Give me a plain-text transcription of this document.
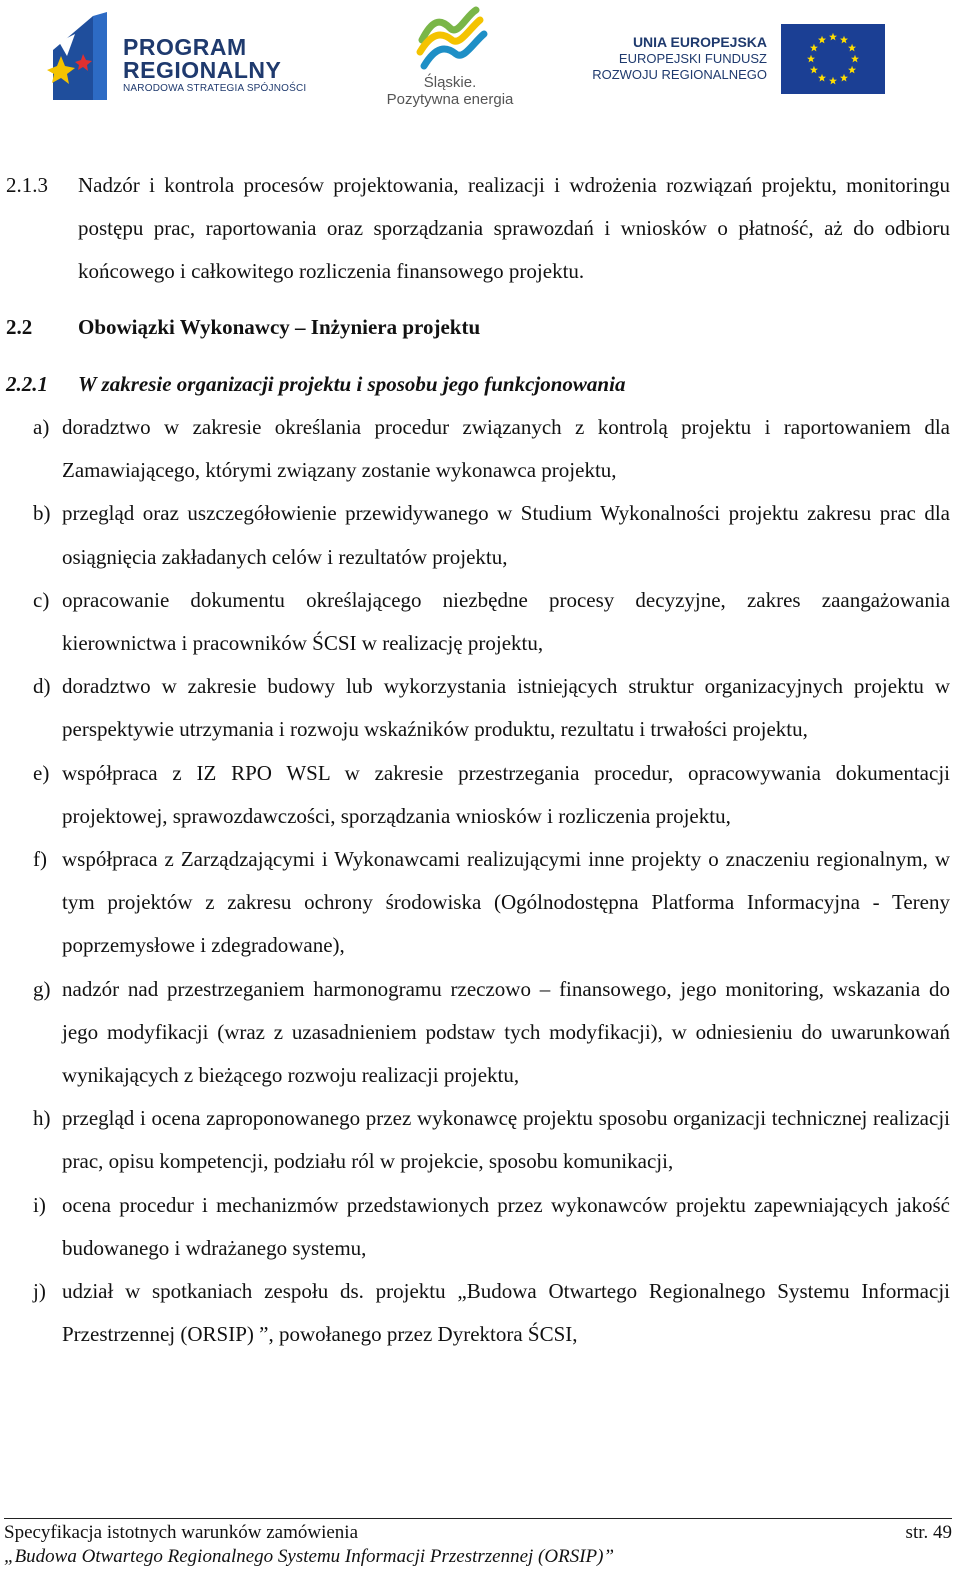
PROGRAM
REGIONALNY
NARODOWA STRATEGIA SPÓJNOŚCI	Śląskie.
Pozytywna energia
UNIA EUROPEJSKA
EUROPEJSKI FUNDUSZ
ROZWOJU REGIONALNEGO
2.1.3 Nadzór i kontrola procesów projektowania, realizacji i wdrożenia rozwiązań projektu, monitoringu postępu prac, raportowania oraz sporządzania sprawozdań i wniosków o płatność, aż do odbioru końcowego i całkowitego rozliczenia finansowego projektu.
2.2 Obowiązki Wykonawcy – Inżyniera projektu
2.2.1 W zakresie organizacji projektu i sposobu jego funkcjonowania
a) doradztwo w zakresie określania procedur związanych z kontrolą projektu i raportowaniem dla Zamawiającego, którymi związany zostanie wykonawca projektu,
b) przegląd oraz uszczegółowienie przewidywanego w Studium Wykonalności projektu zakresu prac dla osiągnięcia zakładanych celów i rezultatów projektu,
c) opracowanie dokumentu określającego niezbędne procesy decyzyjne, zakres zaangażowania kierownictwa i pracowników ŚCSI w realizację projektu,
d) doradztwo w zakresie budowy lub wykorzystania istniejących struktur organizacyjnych projektu w perspektywie utrzymania i rozwoju wskaźników produktu, rezultatu i trwałości projektu,
e) współpraca z IZ RPO WSL w zakresie przestrzegania procedur, opracowywania dokumentacji projektowej, sprawozdawczości, sporządzania wniosków i rozliczenia projektu,
f) współpraca z Zarządzającymi i Wykonawcami realizującymi inne projekty o znaczeniu regionalnym, w tym projektów z zakresu ochrony środowiska (Ogólnodostępna Platforma Informacyjna - Tereny poprzemysłowe i zdegradowane),
g) nadzór nad przestrzeganiem harmonogramu rzeczowo – finansowego, jego monitoring, wskazania do jego modyfikacji (wraz z uzasadnieniem podstaw tych modyfikacji), w odniesieniu do uwarunkowań wynikających z bieżącego rozwoju realizacji projektu,
h) przegląd i ocena zaproponowanego przez wykonawcę projektu sposobu organizacji technicznej realizacji prac, opisu kompetencji, podziału ról w projekcie, sposobu komunikacji,
i) ocena procedur i mechanizmów przedstawionych przez wykonawców projektu zapewniających jakość budowanego i wdrażanego systemu,
j) udział w spotkaniach zespołu ds. projektu „Budowa Otwartego Regionalnego Systemu Informacji Przestrzennej (ORSIP) ”, powołanego przez Dyrektora ŚCSI,
Specyfikacja istotnych warunków zamówienia	str. 49
„Budowa Otwartego Regionalnego Systemu Informacji Przestrzennej (ORSIP)”
